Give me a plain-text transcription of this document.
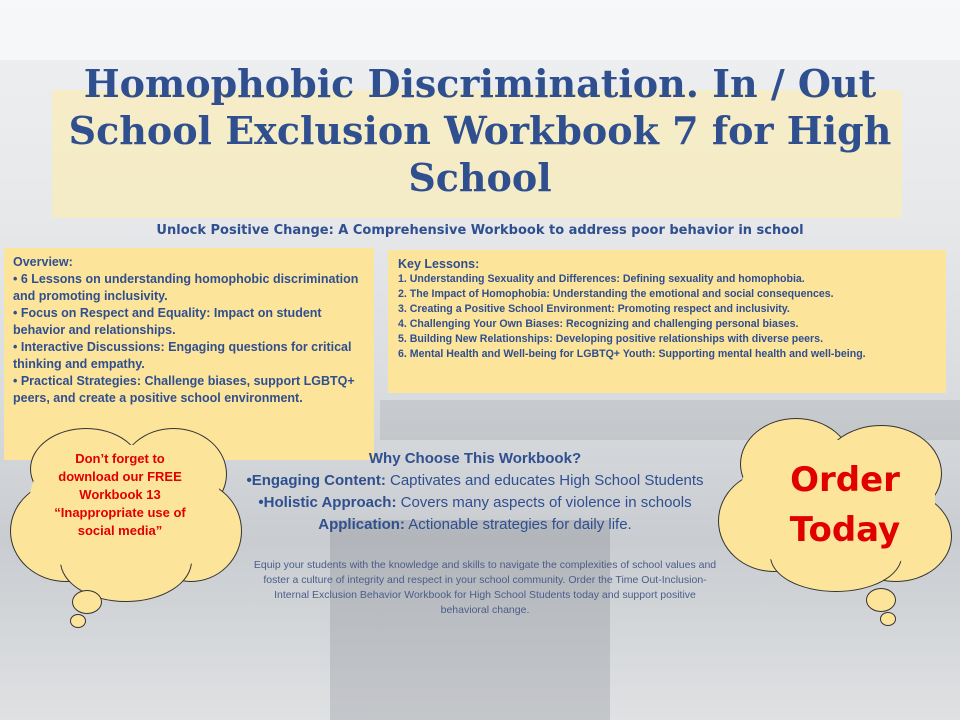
Homophobic Discrimination. In / Out School Exclusion Workbook 7 for High School
Unlock Positive Change: A Comprehensive Workbook to address poor behavior in school
Overview:
• 6 Lessons on understanding homophobic discrimination and promoting inclusivity.
• Focus on Respect and Equality: Impact on student behavior and relationships.
• Interactive Discussions: Engaging questions for critical thinking and empathy.
• Practical Strategies: Challenge biases, support LGBTQ+ peers, and create a positive school environment.
Key Lessons:
1. Understanding Sexuality and Differences: Defining sexuality and homophobia.
2. The Impact of Homophobia: Understanding the emotional and social consequences.
3. Creating a Positive School Environment: Promoting respect and inclusivity.
4. Challenging Your Own Biases: Recognizing and challenging personal biases.
5. Building New Relationships: Developing positive relationships with diverse peers.
6. Mental Health and Well-being for LGBTQ+ Youth: Supporting mental health and well-being.
Don’t forget to download our FREE Workbook 13 “Inappropriate use of social media”
Order Today
Why Choose This Workbook?
•Engaging Content: Captivates and educates High School Students
•Holistic Approach: Covers many aspects of violence in schools
Application: Actionable strategies for daily life.
Equip your students with the knowledge and skills to navigate the complexities of school values and foster a culture of integrity and respect in your school community. Order the Time Out-Inclusion- Internal Exclusion Behavior Workbook for High School Students today and support positive behavioral change.
